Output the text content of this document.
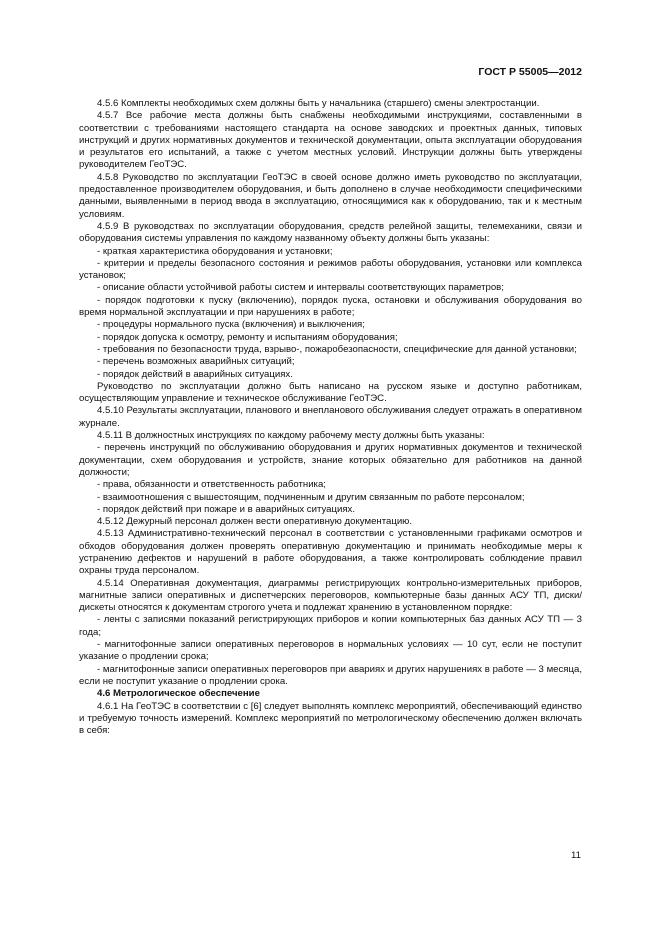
ГОСТ Р 55005—2012

4.5.6 Комплекты необходимых схем должны быть у начальника (старшего) смены электростанции.

4.5.7 Все рабочие места должны быть снабжены необходимыми инструкциями, составленными в соответствии с требованиями настоящего стандарта на основе заводских и проектных данных, типовых инструкций и других нормативных документов и технической документации, опыта эксплуатации оборудования и результатов его испытаний, а также с учетом местных условий. Инструкции должны быть утверждены руководителем ГеоТЭС.

4.5.8 Руководство по эксплуатации ГеоТЭС в своей основе должно иметь руководство по эксплуатации, предоставленное производителем оборудования, и быть дополнено в случае необходимости специфическими данными, выявленными в период ввода в эксплуатацию, относящимися как к оборудованию, так и к местным условиям.

4.5.9 В руководствах по эксплуатации оборудования, средств релейной защиты, телемеханики, связи и оборудования системы управления по каждому названному объекту должны быть указаны:

- краткая характеристика оборудования и установки;

- критерии и пределы безопасного состояния и режимов работы оборудования, установки или комплекса установок;

- описание области устойчивой работы систем и интервалы соответствующих параметров;

- порядок подготовки к пуску (включению), порядок пуска, остановки и обслуживания оборудования во время нормальной эксплуатации и при нарушениях в работе;

- процедуры нормального пуска (включения) и выключения;

- порядок допуска к осмотру, ремонту и испытаниям оборудования;

- требования по безопасности труда, взрыво-, пожаробезопасности, специфические для данной установки;

- перечень возможных аварийных ситуаций;

- порядок действий в аварийных ситуациях.

Руководство по эксплуатации должно быть написано на русском языке и доступно работникам, осуществляющим управление и техническое обслуживание ГеоТЭС.

4.5.10 Результаты эксплуатации, планового и внепланового обслуживания следует отражать в оперативном журнале.

4.5.11 В должностных инструкциях по каждому рабочему месту должны быть указаны:

- перечень инструкций по обслуживанию оборудования и других нормативных документов и технической документации, схем оборудования и устройств, знание которых обязательно для работников на данной должности;

- права, обязанности и ответственность работника;

- взаимоотношения с вышестоящим, подчиненным и другим связанным по работе персоналом;

- порядок действий при пожаре и в аварийных ситуациях.

4.5.12 Дежурный персонал должен вести оперативную документацию.

4.5.13 Административно-технический персонал в соответствии с установленными графиками осмотров и обходов оборудования должен проверять оперативную документацию и принимать необходимые меры к устранению дефектов и нарушений в работе оборудования, а также контролировать соблюдение правил охраны труда персоналом.

4.5.14 Оперативная документация, диаграммы регистрирующих контрольно-измерительных приборов, магнитные записи оперативных и диспетчерских переговоров, компьютерные базы данных АСУ ТП, диски/дискеты относятся к документам строгого учета и подлежат хранению в установленном порядке:

- ленты с записями показаний регистрирующих приборов и копии компьютерных баз данных АСУ ТП — 3 года;

- магнитофонные записи оперативных переговоров в нормальных условиях — 10 сут, если не поступит указание о продлении срока;

- магнитофонные записи оперативных переговоров при авариях и других нарушениях в работе — 3 месяца, если не поступит указание о продлении срока.

4.6 Метрологическое обеспечение

4.6.1 На ГеоТЭС в соответствии с [6] следует выполнять комплекс мероприятий, обеспечивающий единство и требуемую точность измерений. Комплекс мероприятий по метрологическому обеспечению должен включать в себя:

11
